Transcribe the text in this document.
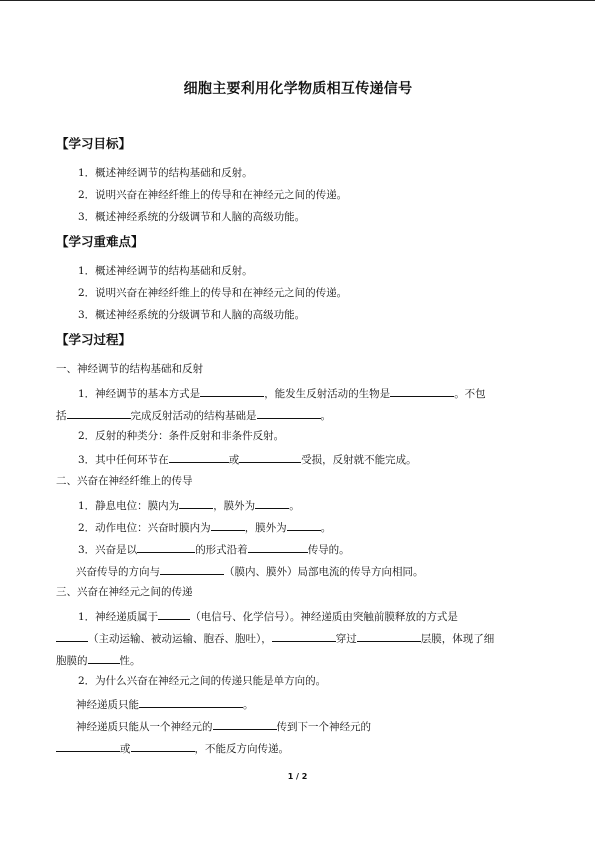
细胞主要利用化学物质相互传递信号
【学习目标】
1．概述神经调节的结构基础和反射。
2．说明兴奋在神经纤维上的传导和在神经元之间的传递。
3．概述神经系统的分级调节和人脑的高级功能。
【学习重难点】
1．概述神经调节的结构基础和反射。
2．说明兴奋在神经纤维上的传导和在神经元之间的传递。
3．概述神经系统的分级调节和人脑的高级功能。
【学习过程】
一、神经调节的结构基础和反射
1．神经调节的基本方式是	，能发生反射活动的生物是	。不包
括	完成反射活动的结构基础是	。
2．反射的种类分：条件反射和非条件反射。
3．其中任何环节在	或	受损，反射就不能完成。
二、兴奋在神经纤维上的传导
1．静息电位：膜内为	，膜外为	。
2．动作电位：兴奋时膜内为	，膜外为	。
3．兴奋是以	的形式沿着	传导的。
兴奋传导的方向与	（膜内、膜外）局部电流的传导方向相同。
三、兴奋在神经元之间的传递
1．神经递质属于	（电信号、化学信号）。神经递质由突触前膜释放的方式是
（主动运输、被动运输、胞吞、胞吐），	穿过	层膜，体现了细
胞膜的	性。
2．为什么兴奋在神经元之间的传递只能是单方向的。
神经递质只能	。
神经递质只能从一个神经元的	传到下一个神经元的
或	，不能反方向传递。
1 / 2
